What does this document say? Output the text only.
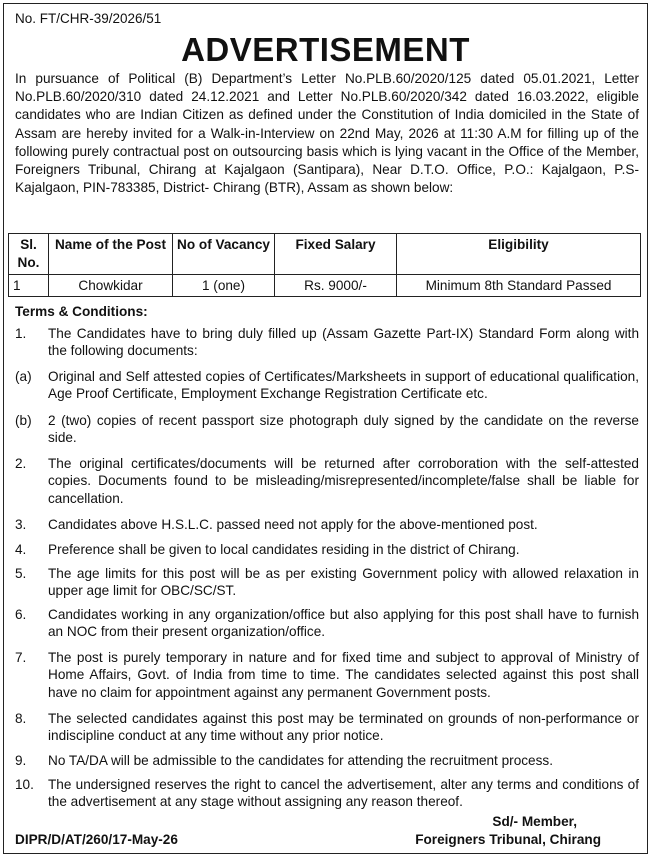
No. FT/CHR-39/2026/51
ADVERTISEMENT
In pursuance of Political (B) Department’s Letter No.PLB.60/2020/125 dated 05.01.2021, Letter No.PLB.60/2020/310 dated 24.12.2021 and Letter No.PLB.60/2020/342 dated 16.03.2022, eligible candidates who are Indian Citizen as defined under the Constitution of India domiciled in the State of Assam are hereby invited for a Walk-in-Interview on 22nd May, 2026 at 11:30 A.M for filling up of the following purely contractual post on outsourcing basis which is lying vacant in the Office of the Member, Foreigners Tribunal, Chirang at Kajalgaon (Santipara), Near D.T.O. Office, P.O.: Kajalgaon, P.S- Kajalgaon, PIN-783385, District- Chirang (BTR), Assam as shown below:
Sl. No.	Name of the Post	No of Vacancy	Fixed Salary	Eligibility
1	Chowkidar	1 (one)	Rs. 9000/-	Minimum 8th Standard Passed
Terms & Conditions:
1.	The Candidates have to bring duly filled up (Assam Gazette Part-IX) Standard Form along with the following documents:
(a)	Original and Self attested copies of Certificates/Marksheets in support of educational qualification, Age Proof Certificate, Employment Exchange Registration Certificate etc.
(b)	2 (two) copies of recent passport size photograph duly signed by the candidate on the reverse side.
2.	The original certificates/documents will be returned after corroboration with the self-attested copies. Documents found to be misleading/misrepresented/incomplete/false shall be liable for cancellation.
3.	Candidates above H.S.L.C. passed need not apply for the above-mentioned post.
4.	Preference shall be given to local candidates residing in the district of Chirang.
5.	The age limits for this post will be as per existing Government policy with allowed relaxation in upper age limit for OBC/SC/ST.
6.	Candidates working in any organization/office but also applying for this post shall have to furnish an NOC from their present organization/office.
7.	The post is purely temporary in nature and for fixed time and subject to approval of Ministry of Home Affairs, Govt. of India from time to time. The candidates selected against this post shall have no claim for appointment against any permanent Government posts.
8.	The selected candidates against this post may be terminated on grounds of non-performance or indiscipline conduct at any time without any prior notice.
9.	No TA/DA will be admissible to the candidates for attending the recruitment process.
10.	The undersigned reserves the right to cancel the advertisement, alter any terms and conditions of the advertisement at any stage without assigning any reason thereof.
Sd/- Member,
Foreigners Tribunal, Chirang
DIPR/D/AT/260/17-May-26
